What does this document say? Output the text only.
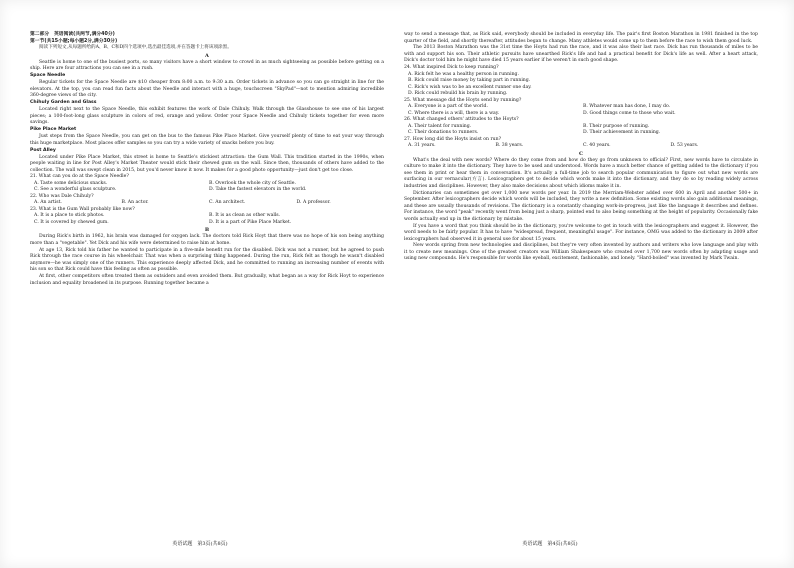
第二部分　英语阅读(共两节,满分40分)
第一节(共15小题;每小题2分,满分30分)

阅读下列短文,从每题所给的A、B、C和D四个选项中,选出最佳选项,并在答题卡上将该项涂黑。

A

Seattle is home to one of the busiest ports, so many visitors have a short window to crowd in as much sightseeing as possible before getting on a ship. Here are four attractions you can see in a rush.

Space Needle

Regular tickets for the Space Needle are $10 cheaper from 8:00 a.m. to 9:30 a.m. Order tickets in advance so you can go straight in line for the elevators. At the top, you can read fun facts about the Needle and interact with a huge, touchscreen "SkyPad"—not to mention admiring incredible 360-degree views of the city.

Chihuly Garden and Glass

Located right next to the Space Needle, this exhibit features the work of Dale Chihuly. Walk through the Glasshouse to see one of his largest pieces; a 100-foot-long glass sculpture in colors of red, orange and yellow. Order your Space Needle and Chihuly tickets together for even more savings.

Pike Place Market

Just steps from the Space Needle, you can get on the bus to the famous Pike Place Market. Give yourself plenty of time to eat your way through this huge marketplace. Most places offer samples so you can try a wide variety of snacks before you buy.

Post Alley

Located under Pike Place Market, this street is home to Seattle's stickiest attraction: the Gum Wall. This tradition started in the 1990s, when people waiting in line for Post Alley's Market Theater would stick their chewed gum on the wall. Since then, thousands of others have added to the collection. The wall was swept clean in 2015, but you'd never know it now. It makes for a good photo opportunity—just don't get too close.

21. What can you do at the Space Needle?
A. Taste some delicious snacks.	B. Overlook the whole city of Seattle.
C. See a wonderful glass sculpture.	D. Take the fastest elevators in the world.
22. Who was Dale Chihuly?
A. An artist.	B. An actor.	C. An architect.	D. A professor.
23. What is the Gum Wall probably like now?
A. It is a place to stick photos.	B. It is as clean as other walls.
C. It is covered by chewed gum.	D. It is a part of Pike Place Market.
B

During Rick's birth in 1962, his brain was damaged for oxygen lack. The doctors told Rick Hoyt that there was no hope of his son being anything more than a "vegetable". Yet Dick and his wife were determined to raise him at home.

At age 13, Rick told his father he wanted to participate in a five-mile benefit run for the disabled. Dick was not a runner, but he agreed to push Rick through the race course in his wheelchair. That was when a surprising thing happened. During the run, Rick felt as though he wasn't disabled anymore—he was simply one of the runners. This experience deeply affected Dick, and he committed to running an increasing number of events with his son so that Rick could have this feeling as often as possible.

At first, other competitors often treated them as outsiders and even avoided them. But gradually, what began as a way for Rick Hoyt to experience inclusion and equality broadened in its purpose. Running together became a

way to send a message that, as Rick said, everybody should be included in everyday life. The pair's first Boston Marathon in 1981 finished in the top quarter of the field, and shortly thereafter, attitudes began to change. Many athletes would come up to them before the race to wish them good luck.

The 2013 Boston Marathon was the 31st time the Hoyts had run the race, and it was also their last race. Dick has run thousands of miles to be with and support his son. Their athletic pursuits have unearthed Rick's life and had a practical benefit for Dick's life as well. After a heart attack, Dick's doctor told him he might have died 15 years earlier if he weren't in such good shape.

24. What inspired Dick to keep running?
A. Rick felt he was a healthy person in running.
B. Rick could raise money by taking part in running.
C. Rick's wish was to be an excellent runner one day.
D. Rick could rebuild his brain by running.
25. What message did the Hoyts send by running?
A. Everyone is a part of the world.	B. Whatever man has done, I may do.
C. Where there is a will, there is a way.	D. Good things come to those who wait.
26. What changed others' attitudes to the Hoyts?
A. Their talent for running.	B. Their purpose of running.
C. Their donations to runners.	D. Their achievement in running.
27. How long did the Hoyts insist on run?
A. 31 years.	B. 38 years.	C. 40 years.	D. 53 years.
C

What's the deal with new words? Where do they come from and how do they go from unknown to official? First, new words have to circulate in culture to make it into the dictionary. They have to be used and understood. Words have a much better chance of getting added to the dictionary if you see them in print or hear them in conversation. It's actually a full-time job to search popular communication to figure out what new words are surfacing in our vernacular(方言). Lexicographers get to decide which words make it into the dictionary, and they do so by reading widely across industries and disciplines. However, they also make decisions about which idioms make it in.

Dictionaries can sometimes get over 1,000 new words per year. In 2019 the Merriam-Webster added over 600 in April and another 500+ in September. After lexicographers decide which words will be included, they write a new definition. Some existing words also gain additional meanings, and these are usually thousands of revisions. The dictionary is a constantly changing work-in-progress, just like the language it describes and defines. For instance, the word "peak" recently went from being just a sharp, pointed end to also being something at the height of popularity. Occasionally fake words actually end up in the dictionary by mistake.

If you have a word that you think should be in the dictionary, you're welcome to get in touch with the lexicographers and suggest it. However, the word needs to be fairly popular. It has to have "widespread, frequent, meaningful usage". For instance, OMG was added to the dictionary in 2009 after lexicographers had observed it in general use for about 15 years.

New words spring from new technologies and disciplines, but they're very often invented by authors and writers who love language and play with it to create new meanings. One of the greatest creators was William Shakespeare who created over 1,700 new words often by adapting usage and using new compounds. He's responsible for words like eyeball, excitement, fashionable, and lonely. "Hard-boiled" was invented by Mark Twain.

英语试题　第3页(共8页)	英语试题　第4页(共8页)
